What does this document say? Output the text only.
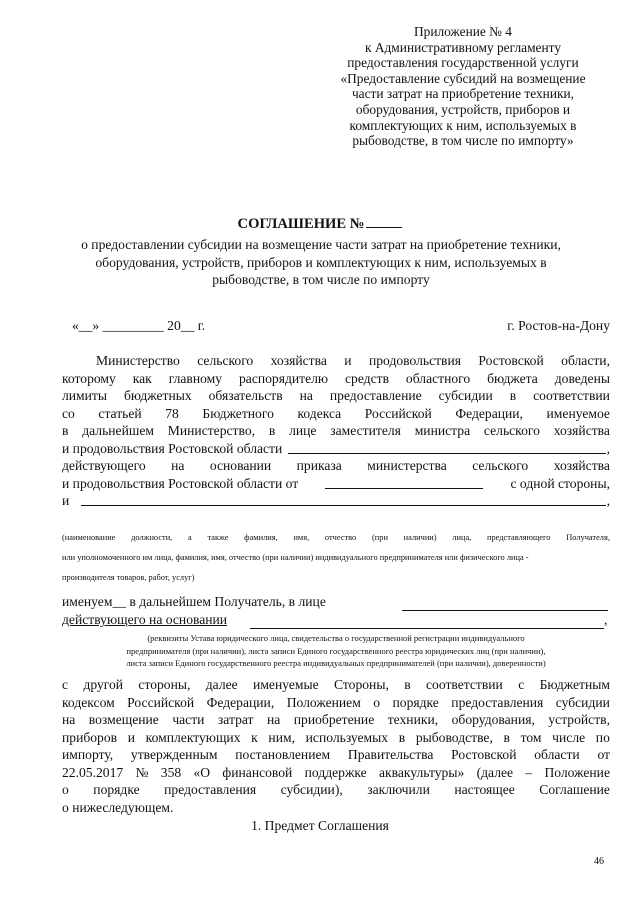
Приложение № 4
к Административному регламенту
предоставления государственной услуги
«Предоставление субсидий на возмещение
части затрат на приобретение техники,
оборудования, устройств, приборов и
комплектующих к ним, используемых в
рыбоводстве, в том числе по импорту»
СОГЛАШЕНИЕ №
о предоставлении субсидии на возмещение части затрат на приобретение техники,
оборудования, устройств, приборов и комплектующих к ним, используемых в
рыбоводстве, в том числе по импорту
«__» _________ 20__ г.	г. Ростов-на-Дону
Министерство сельского хозяйства и продовольствия Ростовской области,
которому как главному распорядителю средств областного бюджета доведены
лимиты бюджетных обязательств на предоставление субсидии в соответствии
со статьей 78 Бюджетного кодекса Российской Федерации, именуемое
в дальнейшем Министерство, в лице заместителя министра сельского хозяйства
и продовольствия Ростовской области	,
действующего на основании приказа министерства сельского хозяйства
и продовольствия Ростовской области от	с одной стороны,
и	,
(наименование должности, а также фамилия, имя, отчество (при наличии) лица, представляющего Получателя,
или уполномоченного им лица, фамилия, имя, отчество (при наличии) индивидуального предпринимателя или физического лица -
производителя товаров, работ, услуг)
именуем__ в дальнейшем Получатель, в лице
действующего на основании	,
(реквизиты Устава юридического лица, свидетельства о государственной регистрации индивидуального
предпринимателя (при наличии), листа записи Единого государственного реестра юридических лиц (при наличии),
листа записи Единого государственного реестра индивидуальных предпринимателей (при наличии), доверенности)
с другой стороны, далее именуемые Стороны, в соответствии с Бюджетным
кодексом Российской Федерации, Положением о порядке предоставления субсидии
на возмещение части затрат на приобретение техники, оборудования, устройств,
приборов и комплектующих к ним, используемых в рыбоводстве, в том числе по
импорту, утвержденным постановлением Правительства Ростовской области от
22.05.2017 № 358 «О финансовой поддержке аквакультуры» (далее – Положение
о порядке предоставления субсидии), заключили настоящее Соглашение
о нижеследующем.
1. Предмет Соглашения
46
